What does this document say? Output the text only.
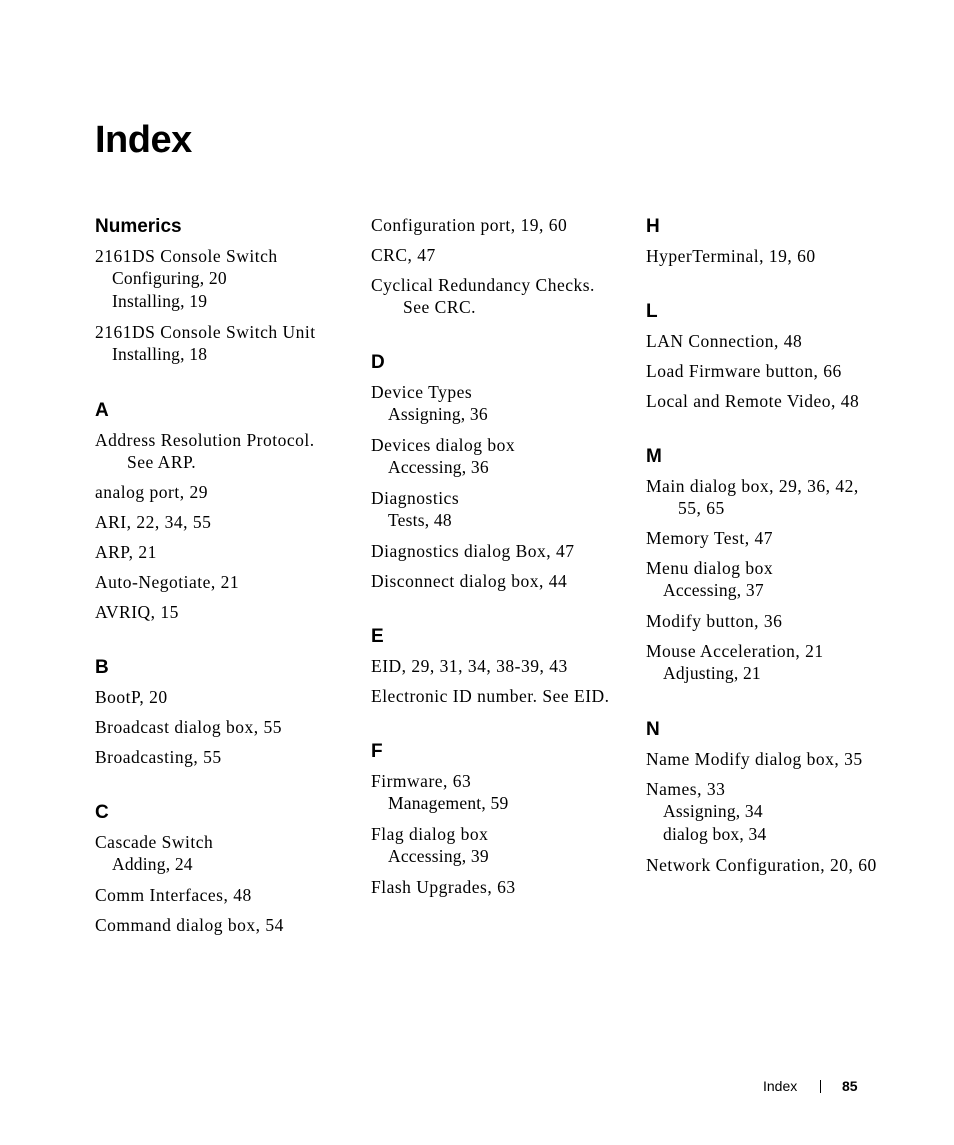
Index
Numerics
2161DS Console Switch
Configuring, 20
Installing, 19
2161DS Console Switch Unit
Installing, 18
A
Address Resolution Protocol. See ARP.
analog port, 29
ARI, 22, 34, 55
ARP, 21
Auto-Negotiate, 21
AVRIQ, 15
B
BootP, 20
Broadcast dialog box, 55
Broadcasting, 55
C
Cascade Switch
Adding, 24
Comm Interfaces, 48
Command dialog box, 54
Configuration port, 19, 60
CRC, 47
Cyclical Redundancy Checks. See CRC.
D
Device Types
Assigning, 36
Devices dialog box
Accessing, 36
Diagnostics
Tests, 48
Diagnostics dialog Box, 47
Disconnect dialog box, 44
E
EID, 29, 31, 34, 38-39, 43
Electronic ID number. See EID.
F
Firmware, 63
Management, 59
Flag dialog box
Accessing, 39
Flash Upgrades, 63
H
HyperTerminal, 19, 60
L
LAN Connection, 48
Load Firmware button, 66
Local and Remote Video, 48
M
Main dialog box, 29, 36, 42, 55, 65
Memory Test, 47
Menu dialog box
Accessing, 37
Modify button, 36
Mouse Acceleration, 21
Adjusting, 21
N
Name Modify dialog box, 35
Names, 33
Assigning, 34
dialog box, 34
Network Configuration, 20, 60
Index	85
